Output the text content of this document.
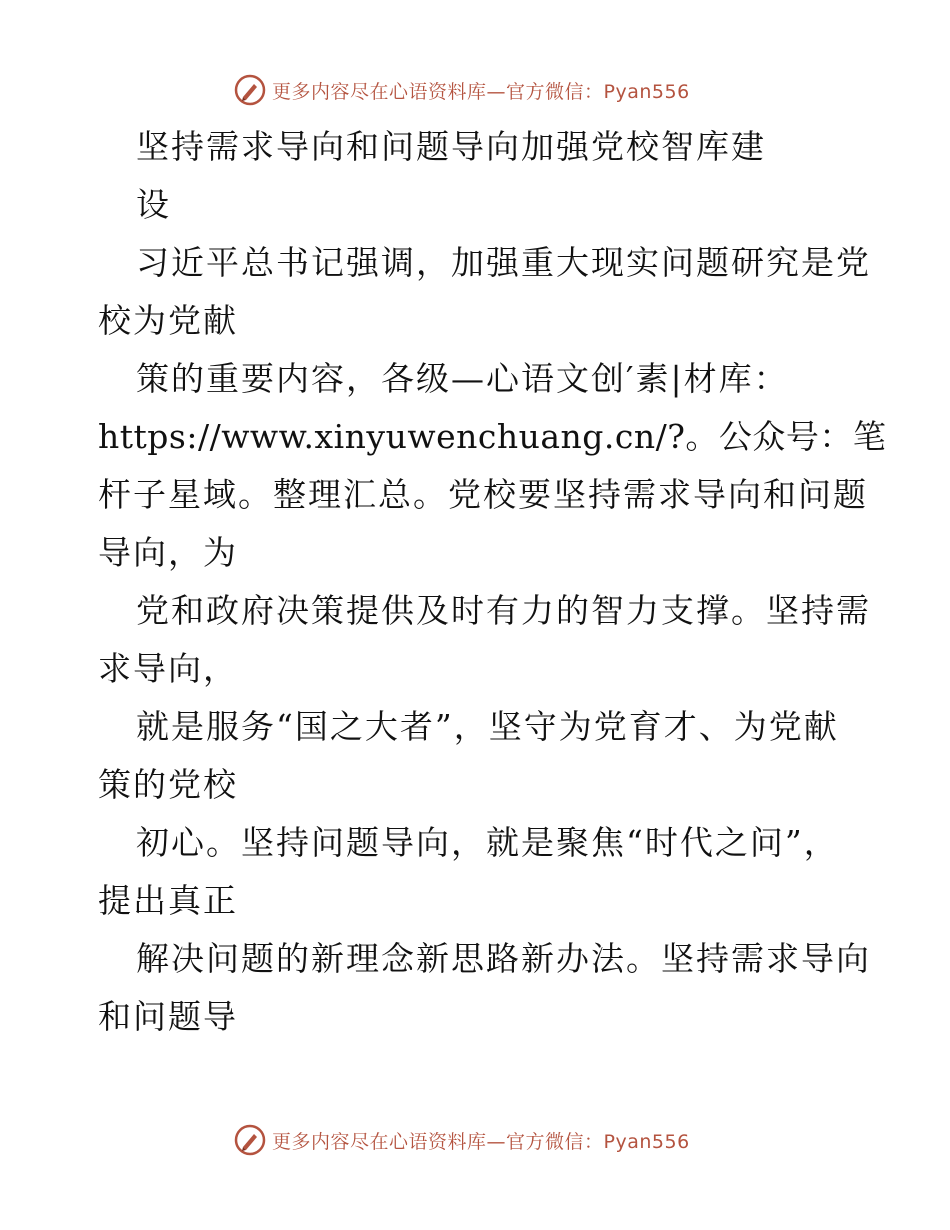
更多内容尽在心语资料库—官方微信：Pyan556
坚持需求导向和问题导向加强党校智库建
设
习近平总书记强调，加强重大现实问题研究是党
校为党献
策的重要内容，各级—心语文创′素|材库：
https://www.xinyuwenchuang.cn/?。公众号：笔
杆子星域。整理汇总。党校要坚持需求导向和问题
导向，为
党和政府决策提供及时有力的智力支撑。坚持需
求导向，
就是服务“国之大者”，坚守为党育才、为党献
策的党校
初心。坚持问题导向，就是聚焦“时代之问”，
提出真正
解决问题的新理念新思路新办法。坚持需求导向
和问题导
更多内容尽在心语资料库—官方微信：Pyan556
